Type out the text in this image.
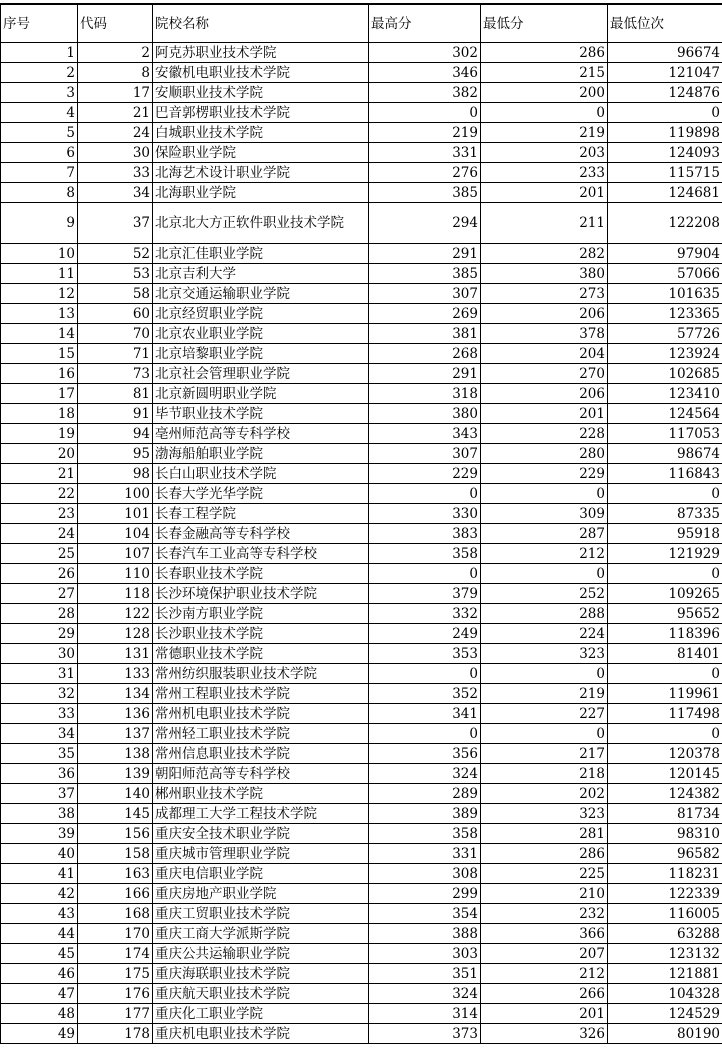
序号	代码	院校名称	最高分	最低分	最低位次
1	2	阿克苏职业技术学院	302	286	96674
2	8	安徽机电职业技术学院	346	215	121047
3	17	安顺职业技术学院	382	200	124876
4	21	巴音郭楞职业技术学院	0	0	0
5	24	白城职业技术学院	219	219	119898
6	30	保险职业学院	331	203	124093
7	33	北海艺术设计职业学院	276	233	115715
8	34	北海职业学院	385	201	124681
9	37	北京北大方正软件职业技术学院	294	211	122208
10	52	北京汇佳职业学院	291	282	97904
11	53	北京吉利大学	385	380	57066
12	58	北京交通运输职业学院	307	273	101635
13	60	北京经贸职业学院	269	206	123365
14	70	北京农业职业学院	381	378	57726
15	71	北京培黎职业学院	268	204	123924
16	73	北京社会管理职业学院	291	270	102685
17	81	北京新圆明职业学院	318	206	123410
18	91	毕节职业技术学院	380	201	124564
19	94	亳州师范高等专科学校	343	228	117053
20	95	渤海船舶职业学院	307	280	98674
21	98	长白山职业技术学院	229	229	116843
22	100	长春大学光华学院	0	0	0
23	101	长春工程学院	330	309	87335
24	104	长春金融高等专科学校	383	287	95918
25	107	长春汽车工业高等专科学校	358	212	121929
26	110	长春职业技术学院	0	0	0
27	118	长沙环境保护职业技术学院	379	252	109265
28	122	长沙南方职业学院	332	288	95652
29	128	长沙职业技术学院	249	224	118396
30	131	常德职业技术学院	353	323	81401
31	133	常州纺织服装职业技术学院	0	0	0
32	134	常州工程职业技术学院	352	219	119961
33	136	常州机电职业技术学院	341	227	117498
34	137	常州轻工职业技术学院	0	0	0
35	138	常州信息职业技术学院	356	217	120378
36	139	朝阳师范高等专科学校	324	218	120145
37	140	郴州职业技术学院	289	202	124382
38	145	成都理工大学工程技术学院	389	323	81734
39	156	重庆安全技术职业学院	358	281	98310
40	158	重庆城市管理职业学院	331	286	96582
41	163	重庆电信职业学院	308	225	118231
42	166	重庆房地产职业学院	299	210	122339
43	168	重庆工贸职业技术学院	354	232	116005
44	170	重庆工商大学派斯学院	388	366	63288
45	174	重庆公共运输职业学院	303	207	123132
46	175	重庆海联职业技术学院	351	212	121881
47	176	重庆航天职业技术学院	324	266	104328
48	177	重庆化工职业学院	314	201	124529
49	178	重庆机电职业技术学院	373	326	80190
